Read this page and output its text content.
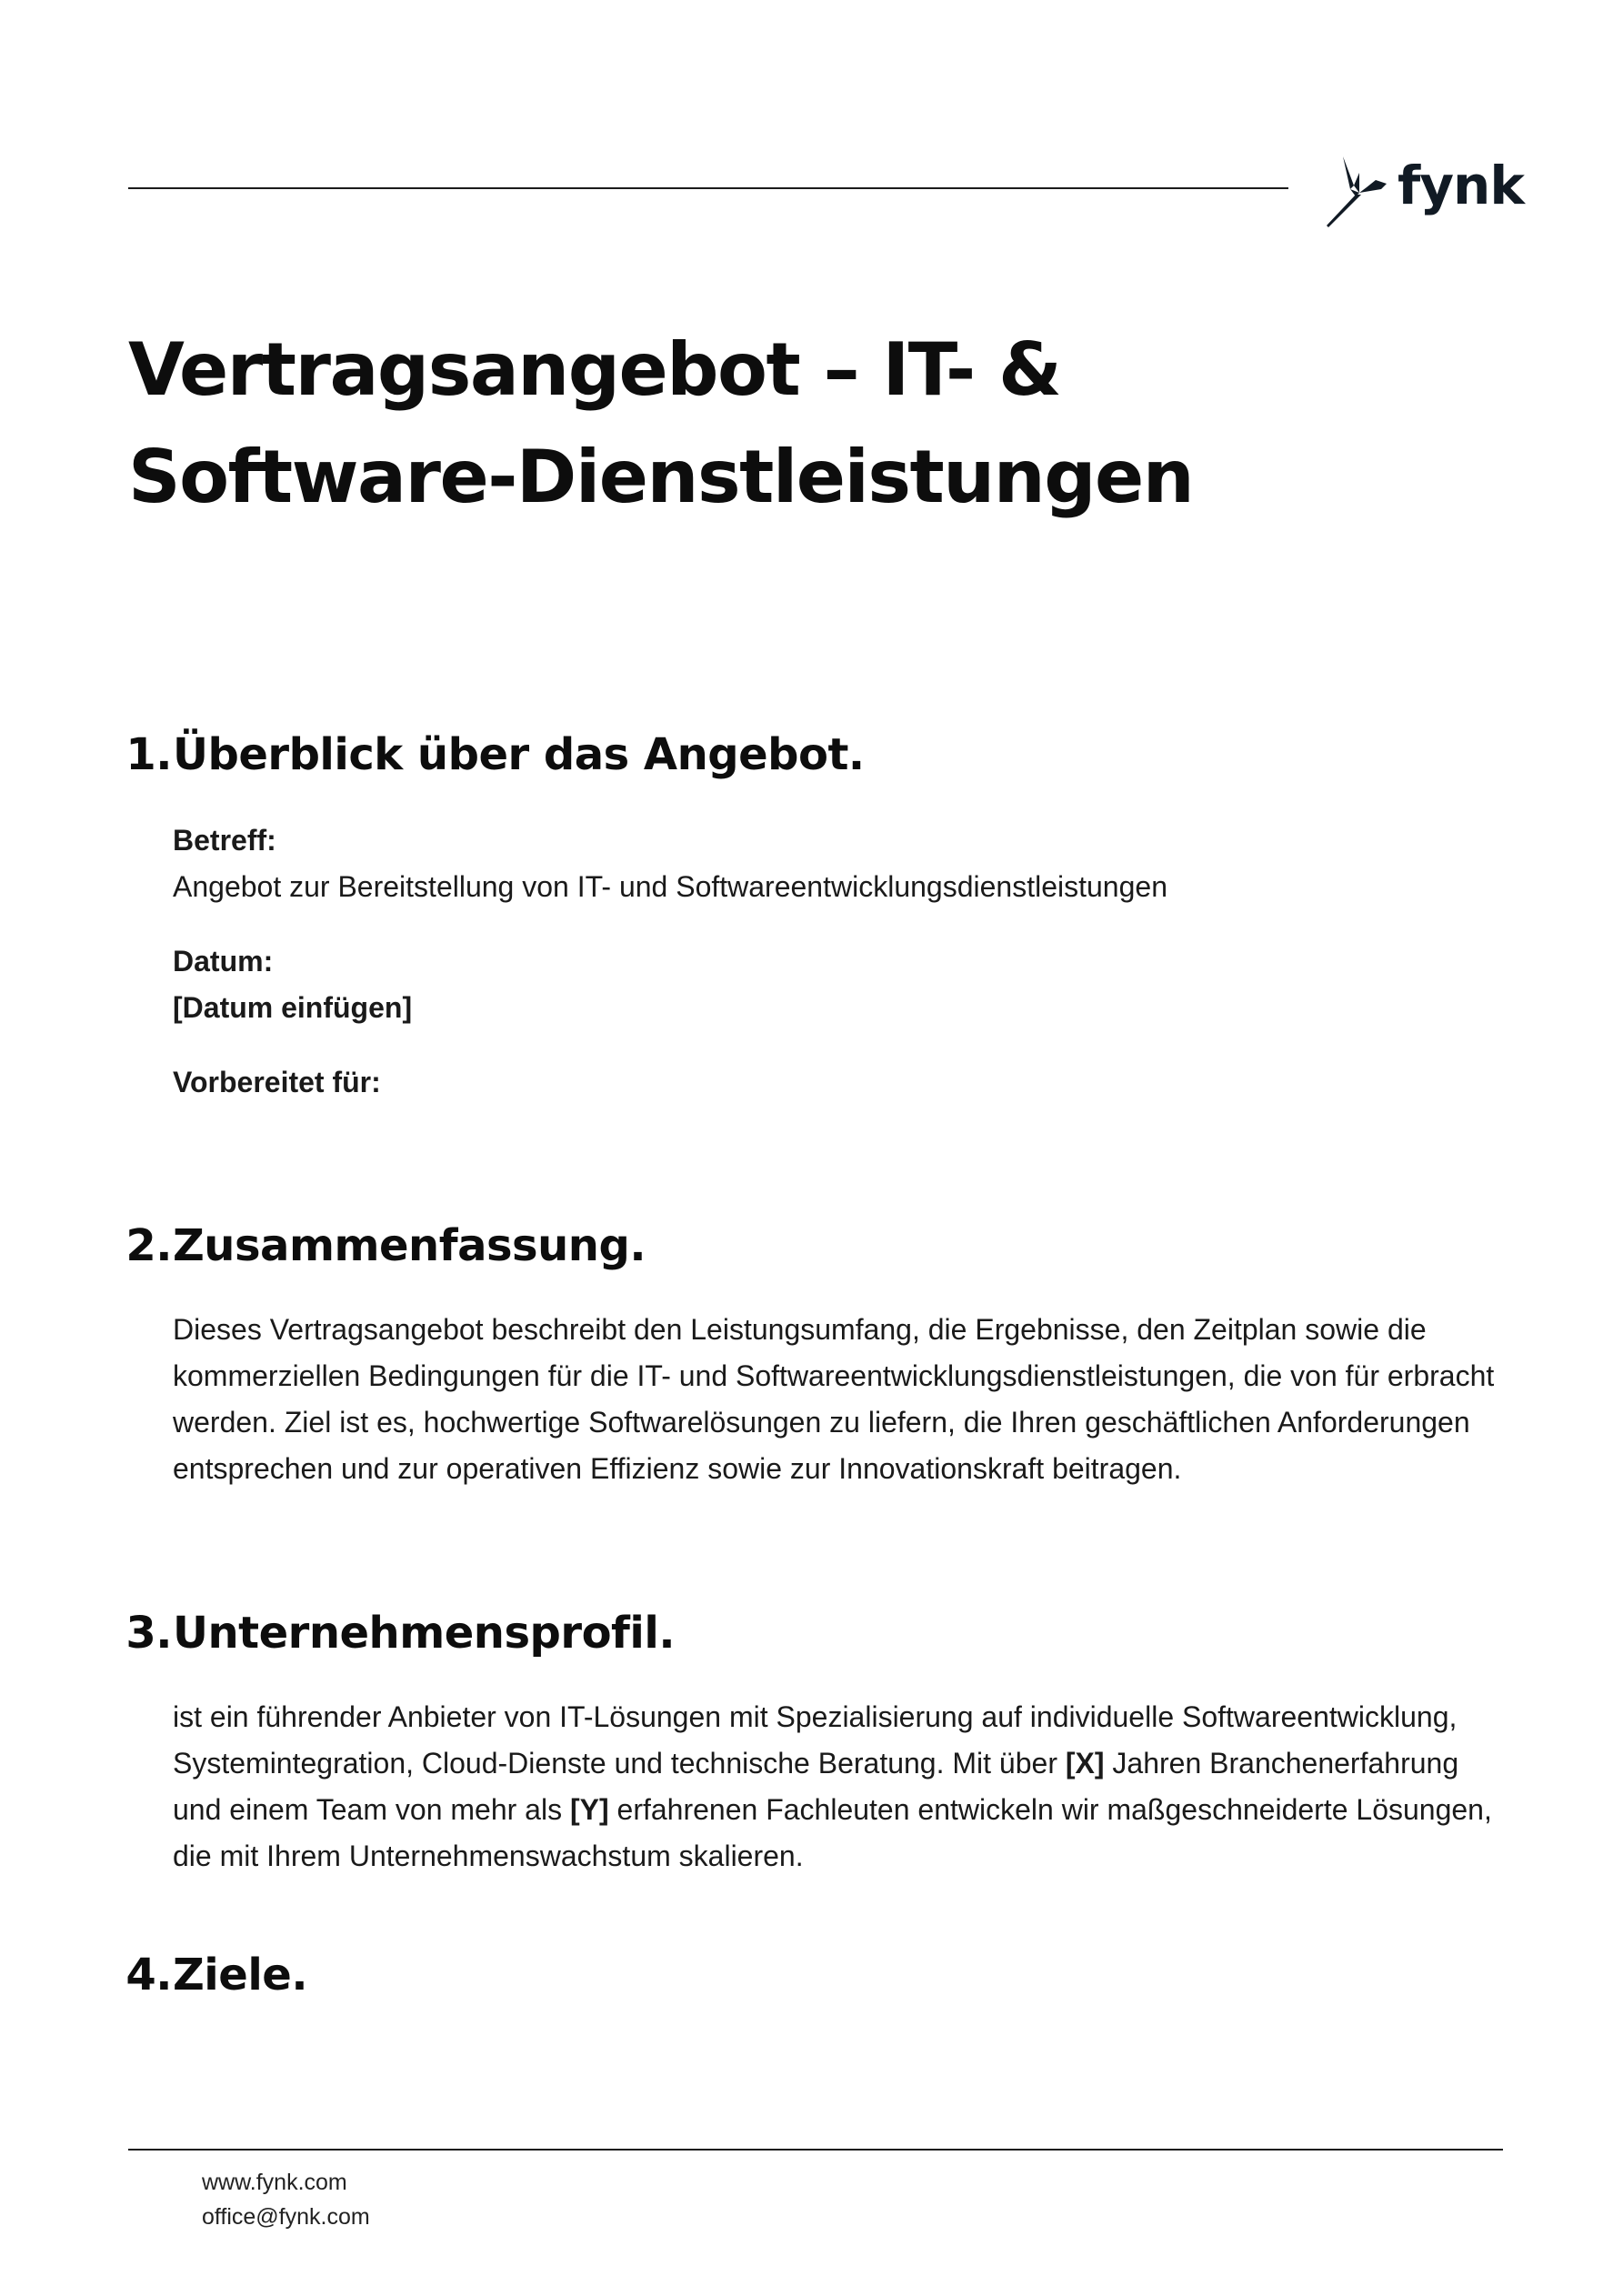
fynk
Vertragsangebot – IT- & Software-Dienstleistungen
1. Überblick über das Angebot.
Betreff:
Angebot zur Bereitstellung von IT- und Softwareentwicklungsdienstleistungen
Datum:
[Datum einfügen]
Vorbereitet für:
2. Zusammenfassung.

Dieses Vertragsangebot beschreibt den Leistungsumfang, die Ergebnisse, den Zeitplan sowie die kommerziellen Bedingungen für die IT- und Softwareentwicklungsdienstleistungen, die von für erbracht werden. Ziel ist es, hochwertige Softwarelösungen zu liefern, die Ihren geschäftlichen Anforderungen entsprechen und zur operativen Effizienz sowie zur Innovationskraft beitragen.

3. Unternehmensprofil.

ist ein führender Anbieter von IT-Lösungen mit Spezialisierung auf individuelle Softwareentwicklung, Systemintegration, Cloud-Dienste und technische Beratung. Mit über [X] Jahren Branchenerfahrung und einem Team von mehr als [Y] erfahrenen Fachleuten entwickeln wir maßgeschneiderte Lösungen, die mit Ihrem Unternehmenswachstum skalieren.

4. Ziele.
www.fynk.com
office@fynk.com
